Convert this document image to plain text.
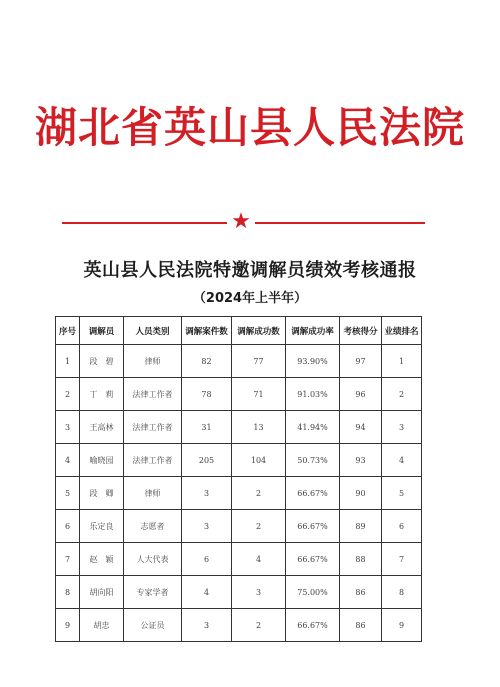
湖北省英山县人民法院
★
英山县人民法院特邀调解员绩效考核通报
（2024年上半年）
序号	调解员	人员类别	调解案件数	调解成功数	调解成功率	考核得分	业绩排名
1	段　碧	律师	82	77	93.90%	97	1
2	丁　莉	法律工作者	78	71	91.03%	96	2
3	王高林	法律工作者	31	13	41.94%	94	3
4	喻晓园	法律工作者	205	104	50.73%	93	4
5	段　卿	律师	3	2	66.67%	90	5
6	乐定良	志愿者	3	2	66.67%	89	6
7	赵　颖	人大代表	6	4	66.67%	88	7
8	胡向阳	专家学者	4	3	75.00%	86	8
9	胡忠	公证员	3	2	66.67%	86	9
